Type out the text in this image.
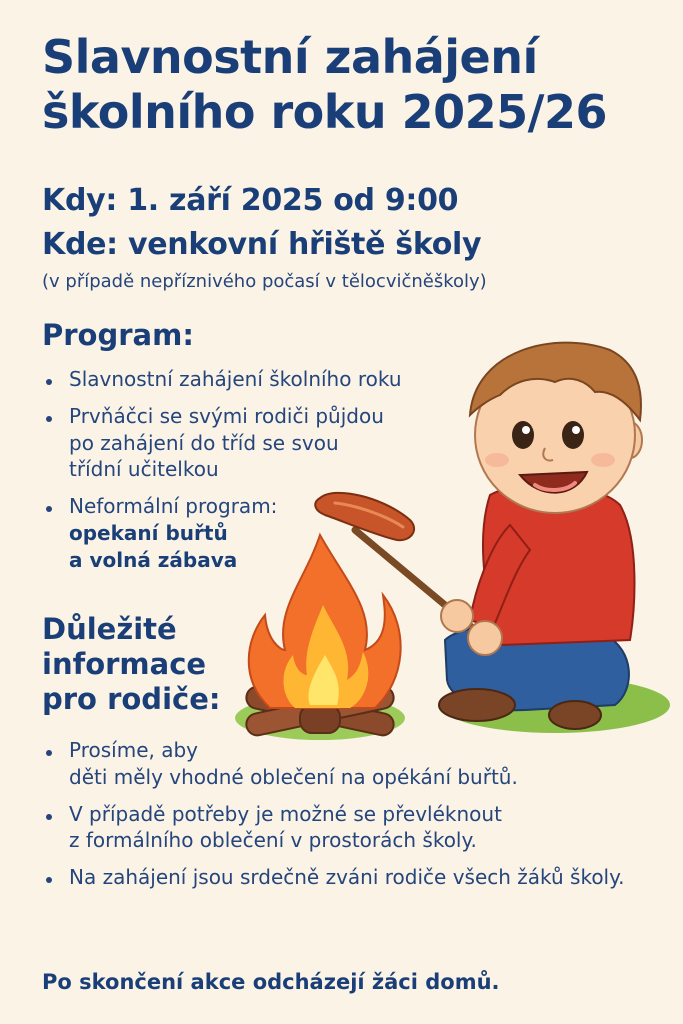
Slavnostní zahájení
školního roku 2025/26
Kdy: 1. září 2025 od 9:00
Kde: venkovní hřiště školy
(v případě nepříznivého počasí v tělocvičněškoly)
Program:
Slavnostní zahájení školního roku
Prvňáčci se svými rodiči půjdou
po zahájení do tříd se svou
třídní učitelkou
Neformální program:
opekaní buřtů
a volná zábava
Důležité
informace
pro rodiče:
Prosíme, aby
děti měly vhodné oblečení na opékání buřtů.
V případě potřeby je možné se převléknout
z formálního oblečení v prostorách školy.
Na zahájení jsou srdečně zváni rodiče všech žáků školy.
Po skončení akce odcházejí žáci domů.
